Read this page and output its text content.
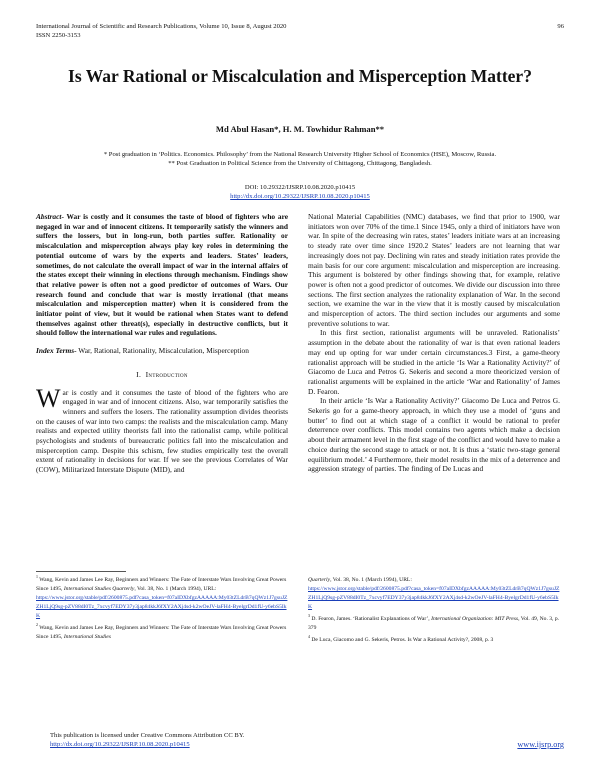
International Journal of Scientific and Research Publications, Volume 10, Issue 8, August 2020
ISSN 2250-3153
96
Is War Rational or Miscalculation and Misperception Matter?
Md Abul Hasan*, H. M. Towhidur Rahman**
* Post graduation in ‘Politics. Economics. Philosophy’ from the National Research University Higher School of Economics (HSE), Moscow, Russia.
** Post Graduation in Political Science from the University of Chittagong, Chittagong, Bangladesh.
DOI: 10.29322/IJSRP.10.08.2020.p10415
http://dx.doi.org/10.29322/IJSRP.10.08.2020.p10415

Abstract- War is costly and it consumes the taste of blood of fighters who are negaged in war and of innocent citizens. It temporarily satisfy the winners and suffers the lossers, but in long-run, both parties suffer. Rationality or miscalculation and misperception always play key roles in determining the potential outcome of wars by the experts and leaders. States’ leaders, sometimes, do not calculate the overall impact of war in the internal affairs of the states except their winning in elections through mechanism. Findings show that relative power is often not a good predictor of outcomes of Wars. Our research found and conclude that war is mostly irrational (that means miscalculation and misperception matter) when it is considered from the initiator point of view, but it would be rational when States want to defend themselves against other threat(s), especially in destructive conflicts, but it should follow the international war rules and regulations.

Index Terms- War, Rational, Rationality, Miscalculation, Misperception

I. Introduction

War is costly and it consumes the taste of blood of the fighters who are engaged in war and of innocent citizens. Also, war temporarily satisfies the winners and suffers the losers. The rationality assumption divides theorists on the causes of war into two camps: the realists and the miscalculation camp. Many realists and expected utility theorists fall into the rationalist camp, while political psychologists and students of bureaucratic politics fall into the miscalculation and misperception camp. Despite this schism, few studies empirically test the overall extent of rationality in decisions for war. If we see the previous Correlates of War (COW), Militarized Interstate Dispute (MID), and

National Material Capabilities (NMC) databases, we find that prior to 1900, war initiators won over 70% of the time.1 Since 1945, only a third of initiators have won war. In spite of the decreasing win rates, states’ leaders initiate wars at an increasing to steady rate over time since 1920.2 States’ leaders are not learning that war increasingly does not pay. Declining win rates and steady initiation rates provide the main basis for our core argument: miscalculation and misperception are increasing. This argument is bolstered by other findings showing that, for example, relative power is often not a good predictor of outcomes. We divide our discussion into three sections. The first section analyzes the rationality explanation of War. In the second section, we examine the war in the view that it is mostly caused by miscalculation and misperception of actors. The third section includes our arguments and some preventive solutions to war.

In this first section, rationalist arguments will be unraveled. Rationalists’ assumption in the debate about the rationality of war is that even rational leaders may end up opting for war under certain circumstances.3 First, a game-theory rationalist approach will be studied in the article ‘Is War a Rationality Activity?’ of Giacomo de Luca and Petros G. Sekeris and second a more theoricized version of rationalist arguments will be explained in the article ‘War and Rationality’ of James D. Fearon.

In their article ‘Is War a Rationality Activity?’ Giacomo De Luca and Petros G. Sekeris go for a game-theory approach, in which they use a model of ‘guns and butter’ to find out at which stage of a conflict it would be rational to prefer deterrence over conflicts. This model contains two agents which make a decision about their armament level in the first stage of the conflict and would have to make a choice during the second stage to attack or not. It is thus a ‘static two-stage general equilibrium model.’ 4 Furthermore, their model results in the mix of a deterrence and aggression strategy of parties. The finding of De Lucas and

$^1$ Wang, Kevin and James Lee Ray, Beginners and Winners: The Fate of Interstate Wars Involving Great Powers Since 1495, International Studies Quarterly, Vol. 38, No. 1 (March 1994), URL:
https://www.jstor.org/stable/pdf/2600875.pdf?casa_token=f07aIDXbfgzAAAAA:My03tZLdrB7qQWz1J7gsuJZZH1LjQ9sg-pZV88dI0Tz_7xcvyf7EDY37y3jap84kkJ6fXY2AXj4sd-k2wOeJV-laFH4-ByelgrDd1fU-y6ebS5IkK

$^2$ Wang, Kevin and James Lee Ray, Beginners and Winners: The Fate of Interstate Wars Involving Great Powers Since 1495, International Studies

Quarterly, Vol. 38, No. 1 (March 1994), URL:
https://www.jstor.org/stable/pdf/2600875.pdf?casa_token=f07aIDXbfgzAAAAA:My03tZLdrB7qQWz1J7gsuJZZH1LjQ9sg-pZV88dI0Tz_7xcvyf7EDY37y3jap84kkJ6fXY2AXj4sd-k2wOeJV-laFH4-ByelgrDd1fU-y6ebS5IkK

$^3$ D. Fearon, James. ‘Rationalist Explanations of War’, International Organization: MIT Press, Vol. 49, No. 3, p. 379

$^4$ De Luca, Giacomo and G. Sekeris, Petros. Is War a Rational Activity?, 2008, p. 3

This publication is licensed under Creative Commons Attribution CC BY.
http://dx.doi.org/10.29322/IJSRP.10.08.2020.p10415	www.ijsrp.org
